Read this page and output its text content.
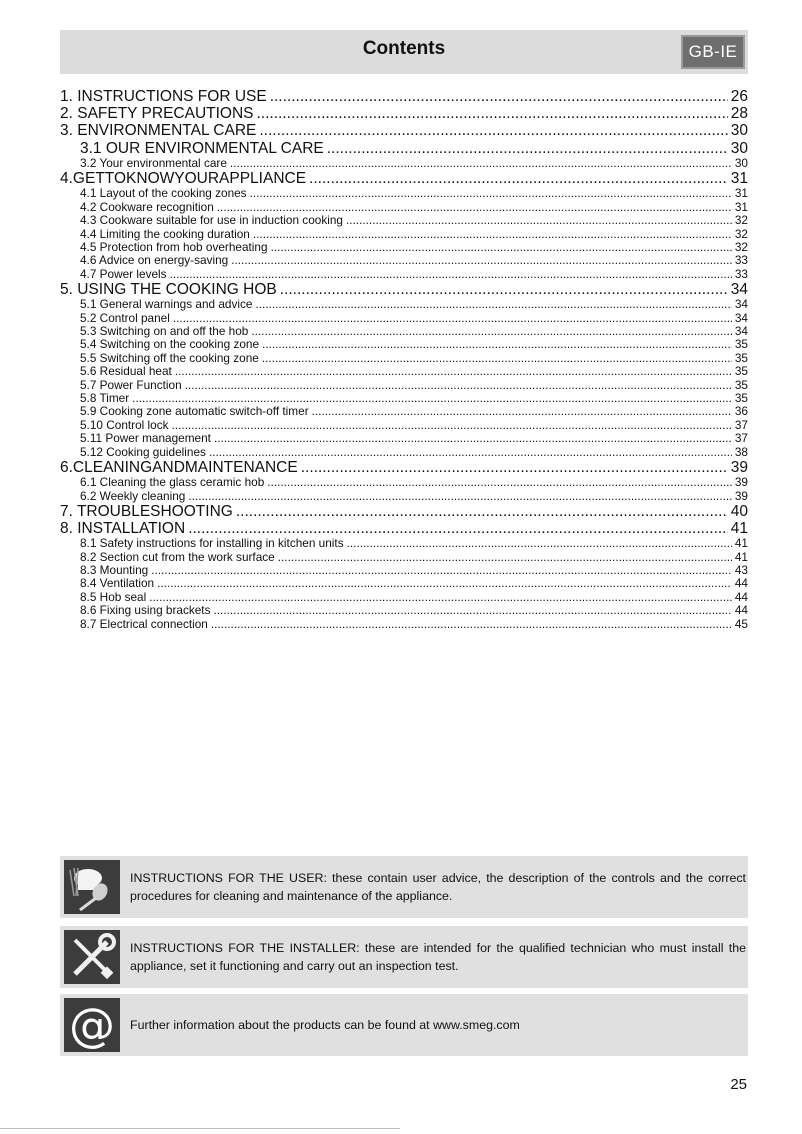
Contents	GB-IE
1. INSTRUCTIONS FOR USE .....	26
2. SAFETY PRECAUTIONS .....	28
3. ENVIRONMENTAL CARE .....	30
3.1 OUR ENVIRONMENTAL CARE .....	30
3.2 Your environmental care .....	30
4.GETTOKNOWYOURAPPLIANCE .....	31
4.1 Layout of the cooking zones .....	31
4.2 Cookware recognition .....	31
4.3 Cookware suitable for use in induction cooking .....	32
4.4 Limiting the cooking duration .....	32
4.5 Protection from hob overheating .....	32
4.6 Advice on energy-saving .....	33
4.7 Power levels .....	33
5. USING THE COOKING HOB .....	34
5.1 General warnings and advice .....	34
5.2 Control panel .....	34
5.3 Switching on and off the hob .....	34
5.4 Switching on the cooking zone .....	35
5.5 Switching off the cooking zone .....	35
5.6 Residual heat .....	35
5.7 Power Function .....	35
5.8 Timer .....	35
5.9 Cooking zone automatic switch-off timer .....	36
5.10 Control lock .....	37
5.11 Power management .....	37
5.12 Cooking guidelines .....	38
6.CLEANINGANDMAINTENANCE .....	39
6.1 Cleaning the glass ceramic hob .....	39
6.2 Weekly cleaning .....	39
7. TROUBLESHOOTING .....	40
8. INSTALLATION .....	41
8.1 Safety instructions for installing in kitchen units .....	41
8.2 Section cut from the work surface .....	41
8.3 Mounting .....	43
8.4 Ventilation .....	44
8.5 Hob seal .....	44
8.6 Fixing using brackets .....	44
8.7 Electrical connection .....	45
INSTRUCTIONS FOR THE USER: these contain user advice, the description of the controls and the correct procedures for cleaning and maintenance of the appliance.
INSTRUCTIONS FOR THE INSTALLER: these are intended for the qualified technician who must install the appliance, set it functioning and carry out an inspection test.
@ Further information about the products can be found at www.smeg.com
25
